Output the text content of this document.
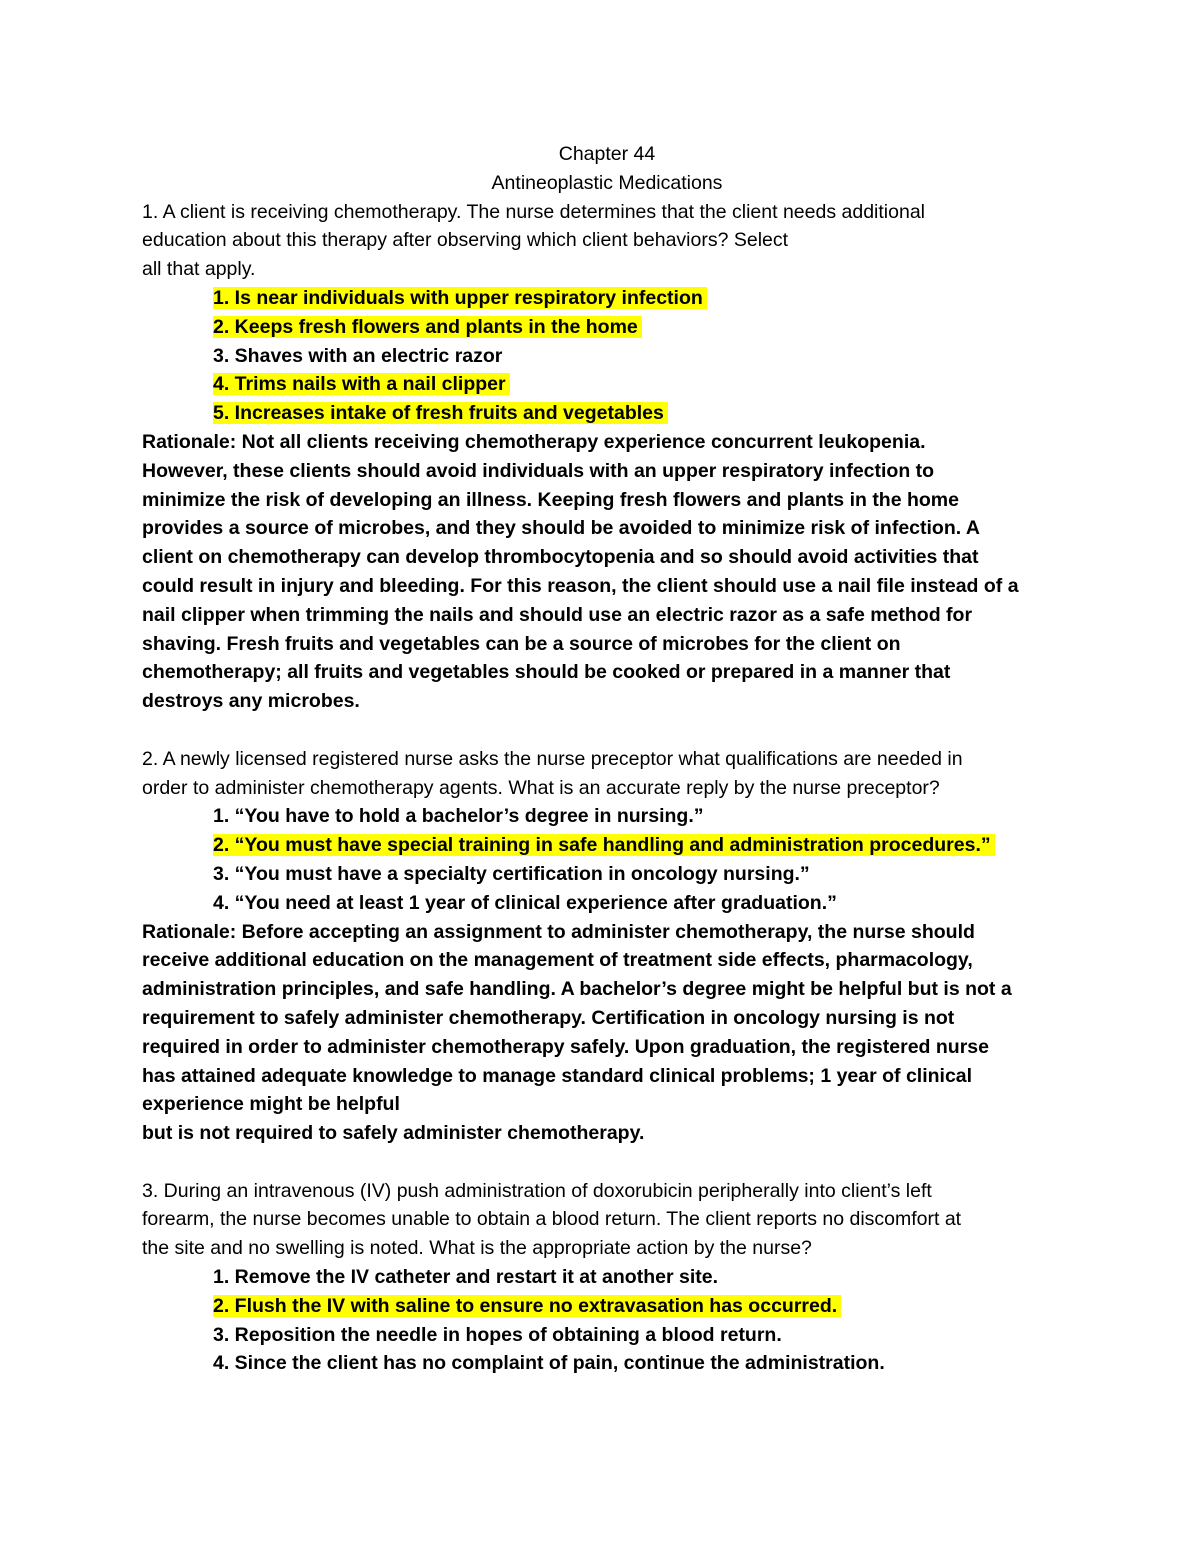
Chapter 44
Antineoplastic Medications
1. A client is receiving chemotherapy. The nurse determines that the client needs additional
education about this therapy after observing which client behaviors? Select
all that apply.
1. Is near individuals with upper respiratory infection
2. Keeps fresh flowers and plants in the home
3. Shaves with an electric razor
4. Trims nails with a nail clipper
5. Increases intake of fresh fruits and vegetables
Rationale: Not all clients receiving chemotherapy experience concurrent leukopenia.
However, these clients should avoid individuals with an upper respiratory infection to
minimize the risk of developing an illness. Keeping fresh flowers and plants in the home
provides a source of microbes, and they should be avoided to minimize risk of infection. A
client on chemotherapy can develop thrombocytopenia and so should avoid activities that
could result in injury and bleeding. For this reason, the client should use a nail file instead of a
nail clipper when trimming the nails and should use an electric razor as a safe method for
shaving. Fresh fruits and vegetables can be a source of microbes for the client on
chemotherapy; all fruits and vegetables should be cooked or prepared in a manner that
destroys any microbes.
2. A newly licensed registered nurse asks the nurse preceptor what qualifications are needed in
order to administer chemotherapy agents. What is an accurate reply by the nurse preceptor?
1. “You have to hold a bachelor’s degree in nursing.”
2. “You must have special training in safe handling and administration procedures.”
3. “You must have a specialty certification in oncology nursing.”
4. “You need at least 1 year of clinical experience after graduation.”
Rationale: Before accepting an assignment to administer chemotherapy, the nurse should
receive additional education on the management of treatment side effects, pharmacology,
administration principles, and safe handling. A bachelor’s degree might be helpful but is not a
requirement to safely administer chemotherapy. Certification in oncology nursing is not
required in order to administer chemotherapy safely. Upon graduation, the registered nurse
has attained adequate knowledge to manage standard clinical problems; 1 year of clinical
experience might be helpful
but is not required to safely administer chemotherapy.
3. During an intravenous (IV) push administration of doxorubicin peripherally into client’s left
forearm, the nurse becomes unable to obtain a blood return. The client reports no discomfort at
the site and no swelling is noted. What is the appropriate action by the nurse?
1. Remove the IV catheter and restart it at another site.
2. Flush the IV with saline to ensure no extravasation has occurred.
3. Reposition the needle in hopes of obtaining a blood return.
4. Since the client has no complaint of pain, continue the administration.
